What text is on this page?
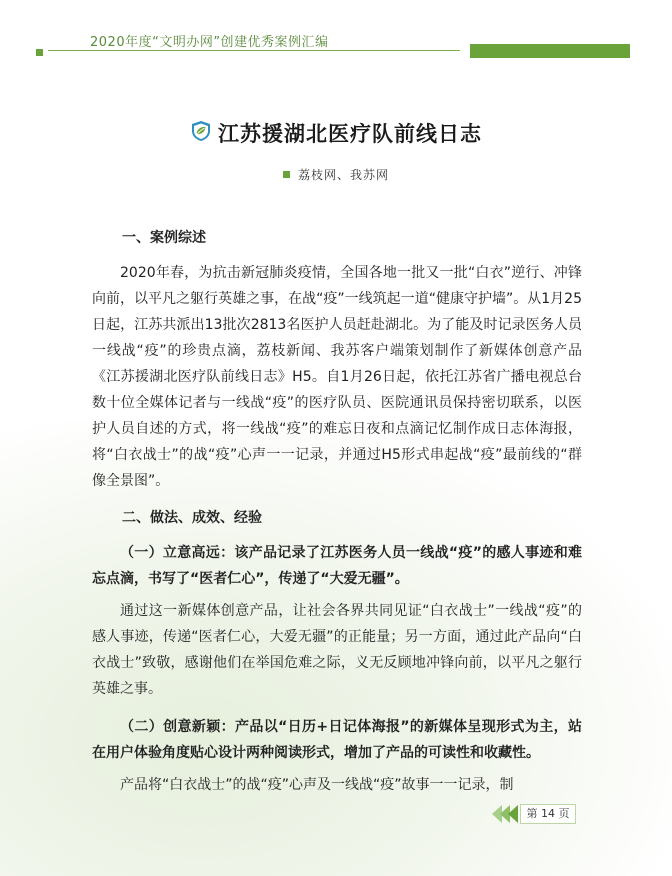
2020年度“文明办网”创建优秀案例汇编
江苏援湖北医疗队前线日志
荔枝网、我苏网
一、案例综述
2020年春，为抗击新冠肺炎疫情，全国各地一批又一批“白衣”逆行、冲锋向前，以平凡之躯行英雄之事，在战“疫”一线筑起一道“健康守护墙”。从1月25日起，江苏共派出13批次2813名医护人员赶赴湖北。为了能及时记录医务人员一线战“疫”的珍贵点滴，荔枝新闻、我苏客户端策划制作了新媒体创意产品《江苏援湖北医疗队前线日志》H5。自1月26日起，依托江苏省广播电视总台数十位全媒体记者与一线战“疫”的医疗队员、医院通讯员保持密切联系，以医护人员自述的方式，将一线战“疫”的难忘日夜和点滴记忆制作成日志体海报，将“白衣战士”的战“疫”心声一一记录，并通过H5形式串起战“疫”最前线的“群像全景图”。
二、做法、成效、经验
（一）立意高远：该产品记录了江苏医务人员一线战“疫”的感人事迹和难忘点滴，书写了“医者仁心”，传递了“大爱无疆”。
通过这一新媒体创意产品，让社会各界共同见证“白衣战士”一线战“疫”的感人事迹，传递“医者仁心，大爱无疆”的正能量；另一方面，通过此产品向“白衣战士”致敬，感谢他们在举国危难之际，义无反顾地冲锋向前，以平凡之躯行英雄之事。
（二）创意新颖：产品以“日历+日记体海报”的新媒体呈现形式为主，站在用户体验角度贴心设计两种阅读形式，增加了产品的可读性和收藏性。
产品将“白衣战士”的战“疫”心声及一线战“疫”故事一一记录，制
第 14 页
